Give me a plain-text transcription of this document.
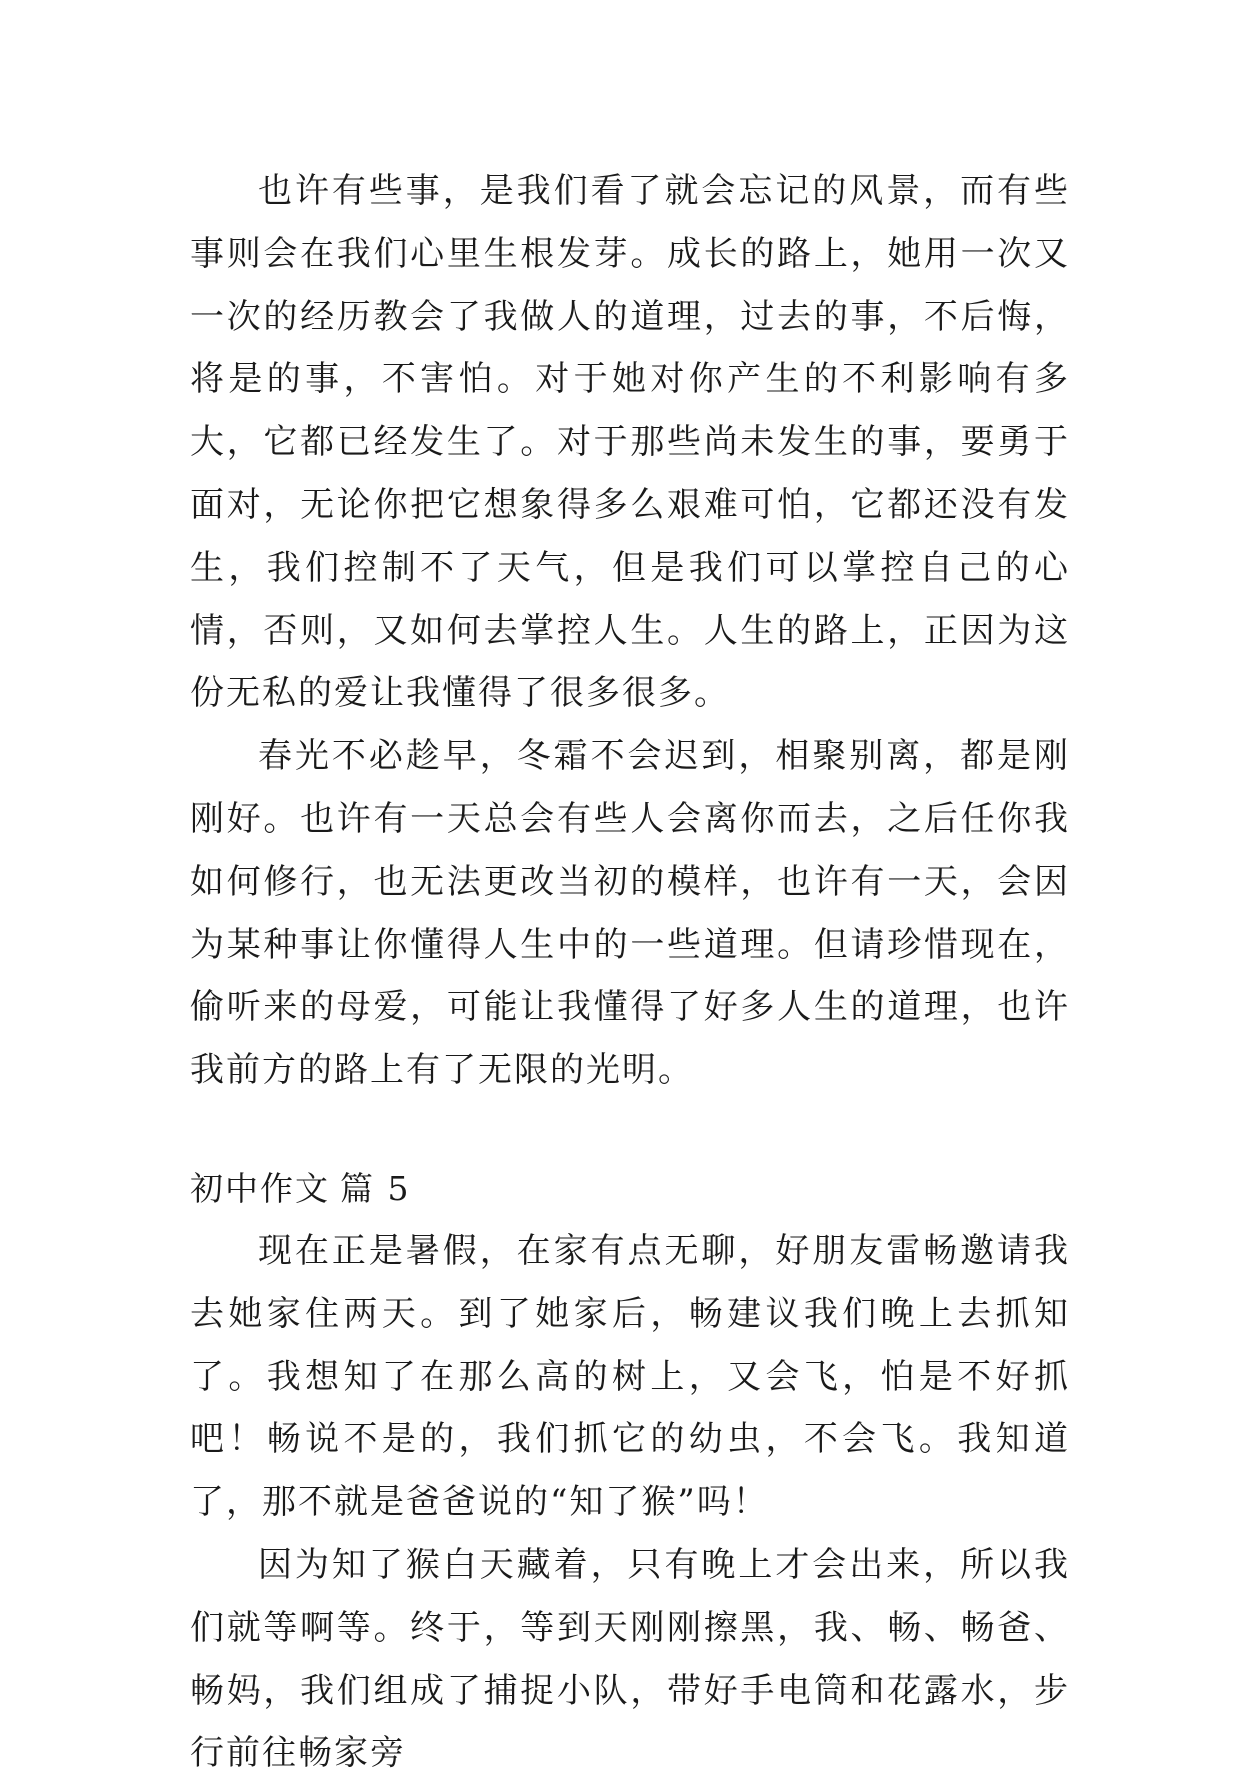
也许有些事，是我们看了就会忘记的风景，而有些事则会在我们心里生根发芽。成长的路上，她用一次又一次的经历教会了我做人的道理，过去的事，不后悔，将是的事，不害怕。对于她对你产生的不利影响有多大，它都已经发生了。对于那些尚未发生的事，要勇于面对，无论你把它想象得多么艰难可怕，它都还没有发生，我们控制不了天气，但是我们可以掌控自己的心情，否则，又如何去掌控人生。人生的路上，正因为这份无私的爱让我懂得了很多很多。

春光不必趁早，冬霜不会迟到，相聚别离，都是刚刚好。也许有一天总会有些人会离你而去，之后任你我如何修行，也无法更改当初的模样，也许有一天，会因为某种事让你懂得人生中的一些道理。但请珍惜现在，偷听来的母爱，可能让我懂得了好多人生的道理，也许我前方的路上有了无限的光明。

初中作文 篇 5

现在正是暑假，在家有点无聊，好朋友雷畅邀请我去她家住两天。到了她家后，畅建议我们晚上去抓知了。我想知了在那么高的树上，又会飞，怕是不好抓吧！畅说不是的，我们抓它的幼虫，不会飞。我知道了，那不就是爸爸说的“知了猴”吗！

因为知了猴白天藏着，只有晚上才会出来，所以我们就等啊等。终于，等到天刚刚擦黑，我、畅、畅爸、畅妈，我们组成了捕捉小队，带好手电筒和花露水，步行前往畅家旁
